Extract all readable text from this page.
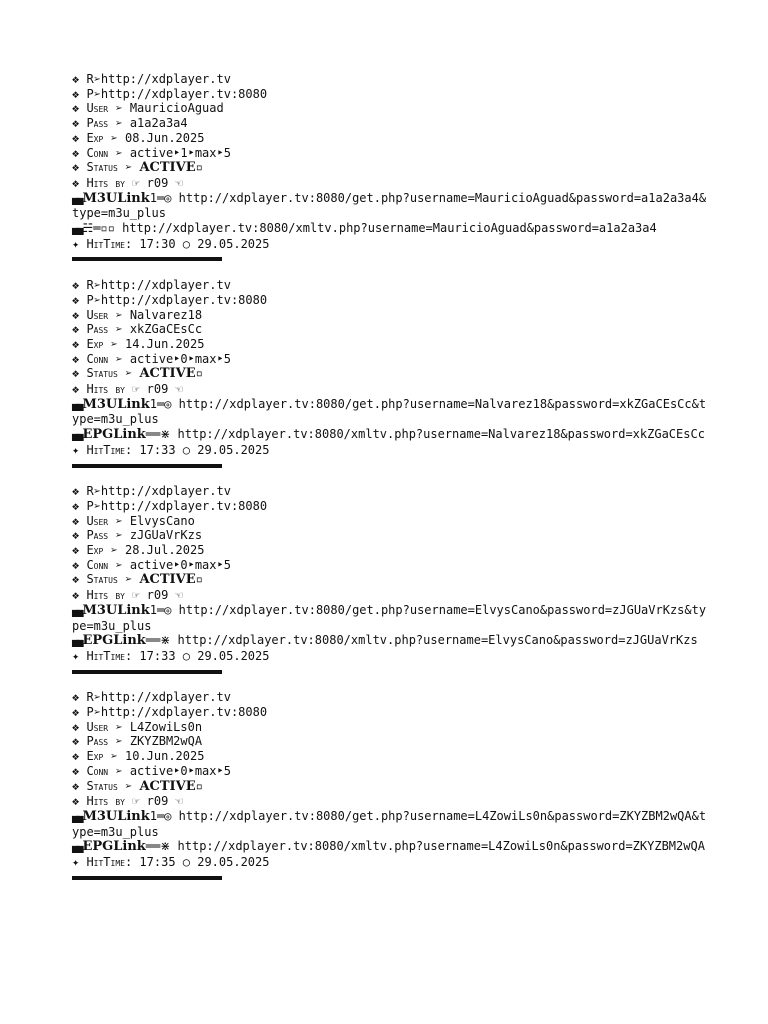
❖ R➢http://xdplayer.tv
❖ P➢http://xdplayer.tv:8080
❖ User ➢ MauricioAguad
❖ Pass ➢ a1a2a3a4
❖ Exp ➢ 08.Jun.2025
❖ Conn ➢ active‣1‣max‣5
❖ Status ➢ ACTIVE▫
❖ Hits by ☞ r09 ☜
▄▄ M3ULink1═◎ http://xdplayer.tv:8080/get.php?username=MauricioAguad&password=a1a2a3a4&type=m3u_plus
▄▄ ☵═▫▫ http://xdplayer.tv:8080/xmltv.php?username=MauricioAguad&password=a1a2a3a4
✦ HitTime: 17:30 ○ 29.05.2025
❖ R➢http://xdplayer.tv
❖ P➢http://xdplayer.tv:8080
❖ User ➢ Nalvarez18
❖ Pass ➢ xkZGaCEsCc
❖ Exp ➢ 14.Jun.2025
❖ Conn ➢ active‣0‣max‣5
❖ Status ➢ ACTIVE▫
❖ Hits by ☞ r09 ☜
▄▄ M3ULink1═◎ http://xdplayer.tv:8080/get.php?username=Nalvarez18&password=xkZGaCEsCc&type=m3u_plus
▄▄ EPGLink══⋇ http://xdplayer.tv:8080/xmltv.php?username=Nalvarez18&password=xkZGaCEsCc
✦ HitTime: 17:33 ○ 29.05.2025
❖ R➢http://xdplayer.tv
❖ P➢http://xdplayer.tv:8080
❖ User ➢ ElvysCano
❖ Pass ➢ zJGUaVrKzs
❖ Exp ➢ 28.Jul.2025
❖ Conn ➢ active‣0‣max‣5
❖ Status ➢ ACTIVE▫
❖ Hits by ☞ r09 ☜
▄▄ M3ULink1═◎ http://xdplayer.tv:8080/get.php?username=ElvysCano&password=zJGUaVrKzs&type=m3u_plus
▄▄ EPGLink══⋇ http://xdplayer.tv:8080/xmltv.php?username=ElvysCano&password=zJGUaVrKzs
✦ HitTime: 17:33 ○ 29.05.2025
❖ R➢http://xdplayer.tv
❖ P➢http://xdplayer.tv:8080
❖ User ➢ L4ZowiLs0n
❖ Pass ➢ ZKYZBM2wQA
❖ Exp ➢ 10.Jun.2025
❖ Conn ➢ active‣0‣max‣5
❖ Status ➢ ACTIVE▫
❖ Hits by ☞ r09 ☜
▄▄ M3ULink1═◎ http://xdplayer.tv:8080/get.php?username=L4ZowiLs0n&password=ZKYZBM2wQA&type=m3u_plus
▄▄ EPGLink══⋇ http://xdplayer.tv:8080/xmltv.php?username=L4ZowiLs0n&password=ZKYZBM2wQA
✦ HitTime: 17:35 ○ 29.05.2025
